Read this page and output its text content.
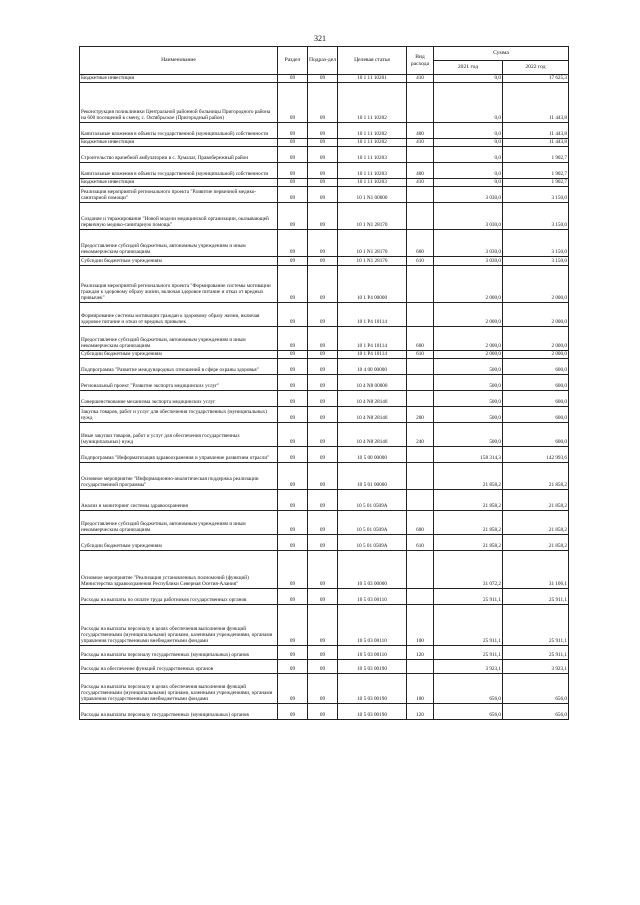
321
Наименование	Раздел	Подраз-дел	Целевая статья	Вид расхода	Сумма	
					2021 год	2022 год
Бюджетные инвестиции	09	09	10 1 11 10201	410	0,0	17 625,3
Реконструкция поликлиники Центральной районной больницы Пригородного района на 600 посещений в смену, с. Октябрьское (Пригородный район)	09	09	10 1 11 10202		0,0	11 443,8
Капитальные вложения в объекты государственной (муниципальной) собственности	09	09	10 1 11 10202	400	0,0	11 443,8
Бюджетные инвестиции	09	09	10 1 11 10202	410	0,0	11 443,8
Строительство врачебной амбулатории в с. Хумалаг, Правобережный район	09	09	10 1 11 10203		0,0	1 902,7
Капитальные вложения в объекты государственной (муниципальной) собственности	09	09	10 1 11 10203	400	0,0	1 902,7
Бюджетные инвестиции	09	09	10 1 11 10203	410	0,0	1 902,7
Реализация мероприятий регионального проекта "Развитие первичной медико-санитарной помощи"	09	09	10 1 N1 00000		3 030,0	3 150,0
Создание и тиражирование "Новой модели медицинской организации, оказывающей первичную медико-санитарную помощь"	09	09	10 1 N1 28170		3 030,0	3 150,0
Предоставление субсидий бюджетным, автономным учреждениям и иным некоммерческим организациям	09	09	10 1 N1 28170	600	3 030,0	3 150,0
Субсидии бюджетным учреждениям	09	09	10 1 N1 28170	610	3 030,0	3 150,0
Реализация мероприятий регионального проекта "Формирование системы мотивации граждан к здоровому образу жизни, включая здоровое питание и отказ от вредных привычек"	09	09	10 1 P4 00000		2 000,0	2 000,0
Формирование системы мотивации граждан к здоровому образу жизни, включая здоровое питание и отказ от вредных привычек	09	09	10 1 P4 10114		2 000,0	2 000,0
Предоставление субсидий бюджетным, автономным учреждениям и иным некоммерческим организациям	09	09	10 1 P4 10114	600	2 000,0	2 000,0
Субсидии бюджетным учреждениям	09	09	10 1 P4 10114	610	2 000,0	2 000,0
Подпрограмма "Развитие международных отношений в сфере охраны здоровья"	09	09	10 4 00 00000		500,0	600,0
Региональный проект "Развитие экспорта медицинских услуг"	09	09	10 4 N8 00000		500,0	600,0
Совершенствование механизма экспорта медицинских услуг	09	09	10 4 N8 28146		500,0	600,0
Закупка товаров, работ и услуг для обеспечения государственных (муниципальных) нужд	09	09	10 4 N8 28146	200	500,0	600,0
Иные закупки товаров, работ и услуг для обеспечения государственных (муниципальных) нужд	09	09	10 4 N8 28146	240	500,0	600,0
Подпрограмма "Информатизация здравоохранения и управление развитием отрасли"	09	09	10 5 00 00000		158 314,3	142 993,6
Основное мероприятие "Информационно-аналитическая поддержка реализации государственной программы"	09	09	10 5 01 00000		21 858,2	21 858,2
Анализ и мониторинг системы здравоохранения	09	09	10 5 01 0509А		21 858,2	21 858,2
Предоставление субсидий бюджетным, автономным учреждениям и иным некоммерческим организациям	09	09	10 5 01 0509А	600	21 858,2	21 858,2
Субсидии бюджетным учреждениям	09	09	10 5 01 0509А	610	21 858,2	21 858,2
Основное мероприятие "Реализация установленных полномочий (функций) Министерства здравоохранения Республики Северная Осетия-Алания"	09	09	10 5 03 00000		31 072,2	31 106,1
Расходы на выплаты по оплате труда работников государственных органов	09	09	10 5 03 00110		25 911,1	25 911,1
Расходы на выплаты персоналу в целях обеспечения выполнения функций государственными (муниципальными) органами, казенными учреждениями, органами управления государственными внебюджетными фондами	09	09	10 5 03 00110	100	25 911,1	25 911,1
Расходы на выплаты персоналу государственных (муниципальных) органов	09	09	10 5 03 00110	120	25 911,1	25 911,1
Расходы на обеспечение функций государственных органов	09	09	10 5 03 00190		3 923,1	3 923,1
Расходы на выплаты персоналу в целях обеспечения выполнения функций государственными (муниципальными) органами, казенными учреждениями, органами управления государственными внебюджетными фондами	09	09	10 5 03 00190	100	656,0	656,0
Расходы на выплаты персоналу государственных (муниципальных) органов	09	09	10 5 03 00190	120	656,0	656,0
